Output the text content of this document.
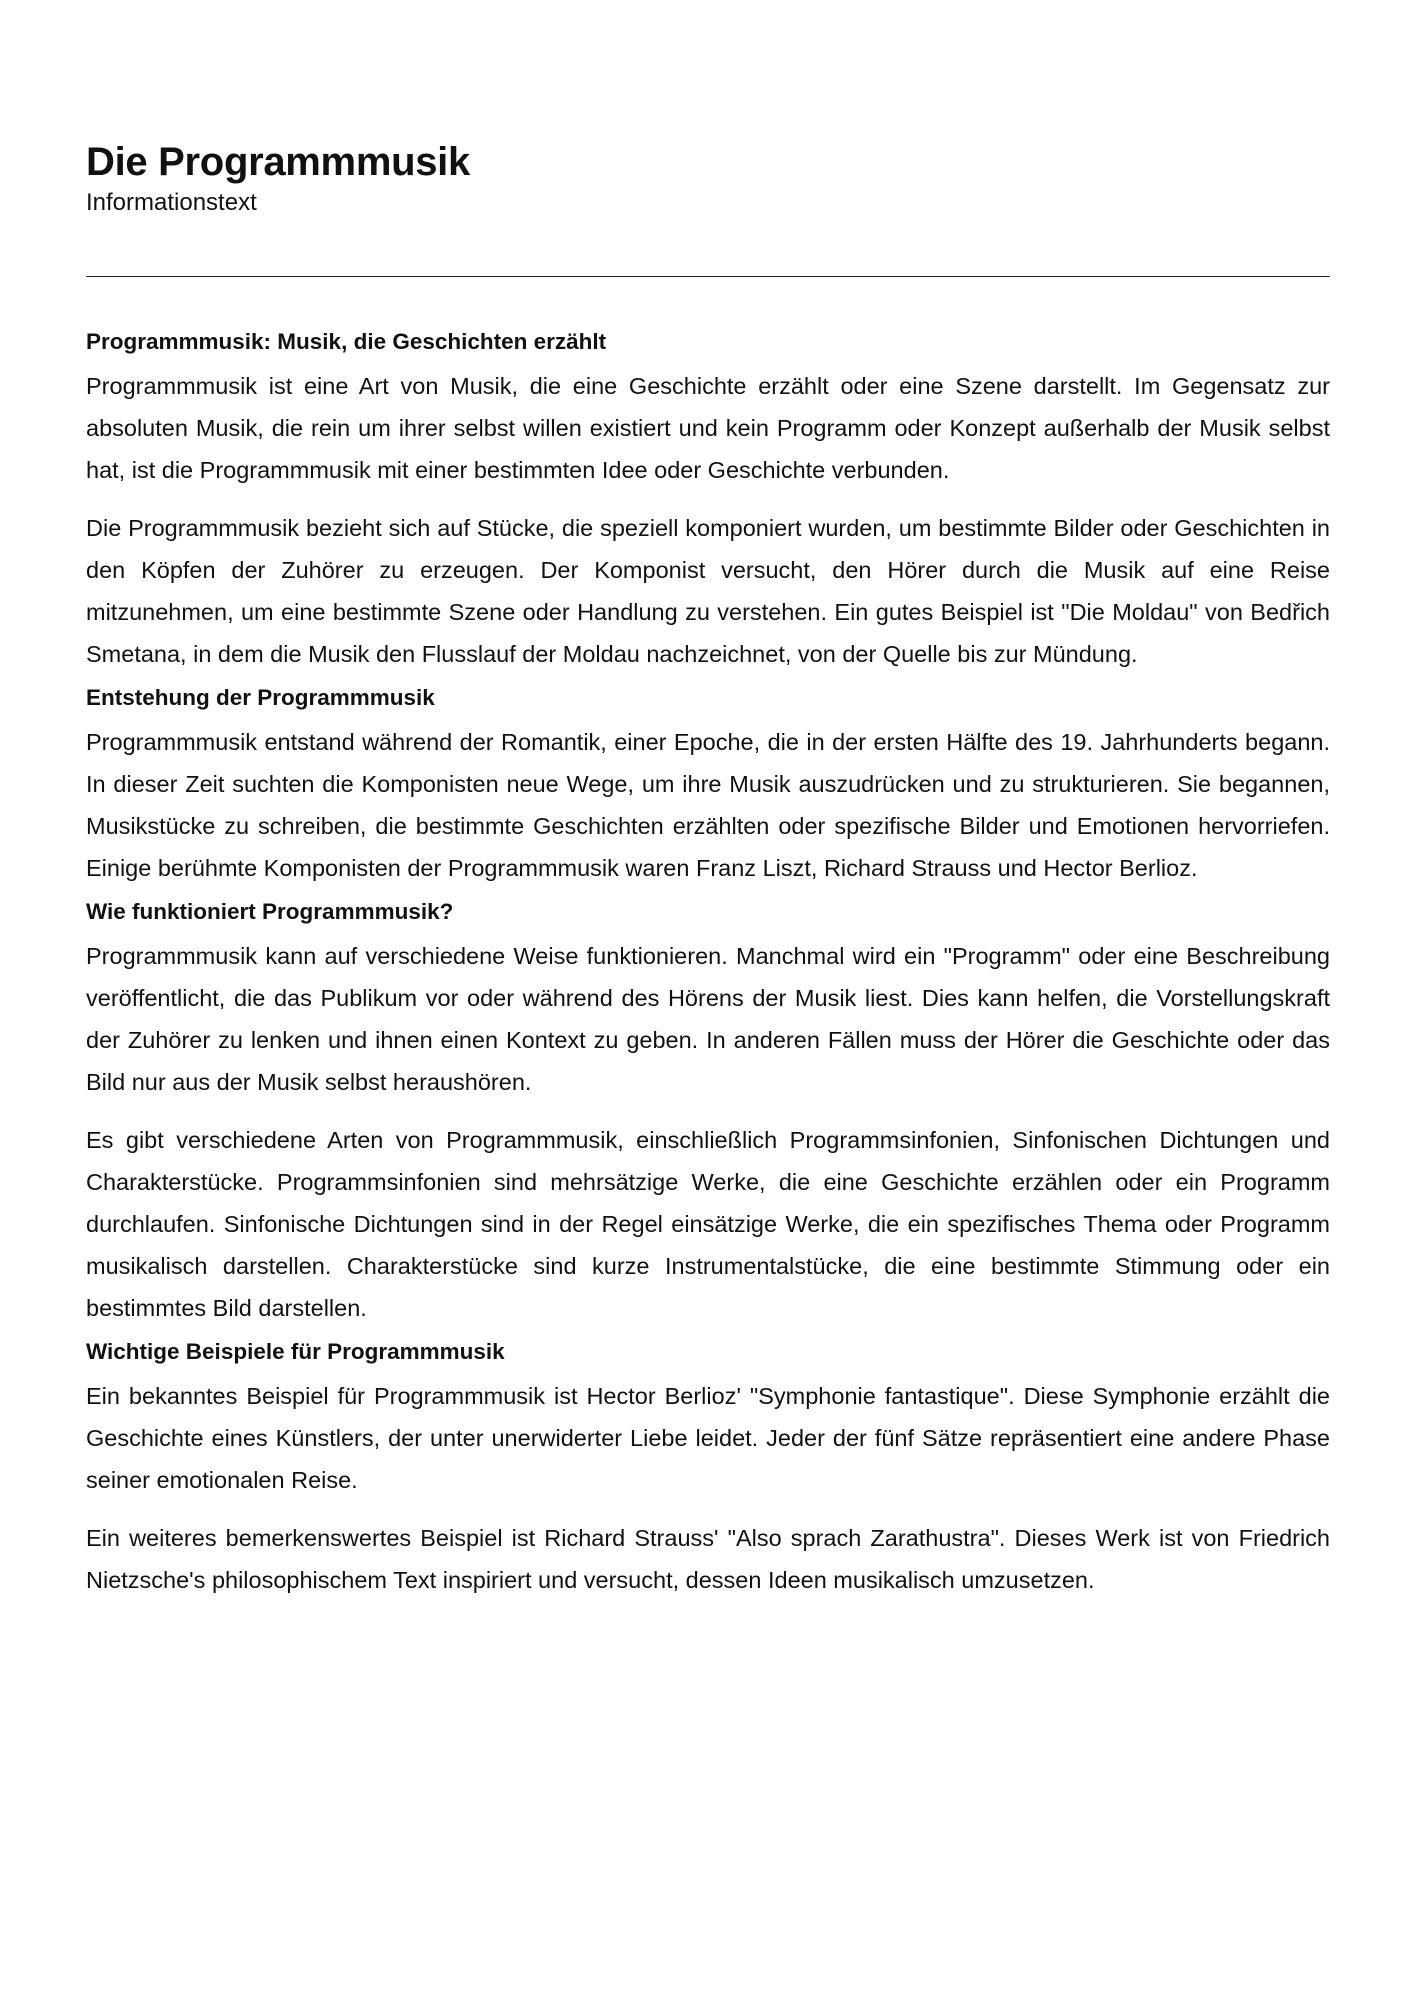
Die Programmmusik
Informationstext
Programmmusik: Musik, die Geschichten erzählt

Programmmusik ist eine Art von Musik, die eine Geschichte erzählt oder eine Szene darstellt. Im Gegensatz zur absoluten Musik, die rein um ihrer selbst willen existiert und kein Programm oder Konzept außerhalb der Musik selbst hat, ist die Programmmusik mit einer bestimmten Idee oder Geschichte verbunden.

Die Programmmusik bezieht sich auf Stücke, die speziell komponiert wurden, um bestimmte Bilder oder Geschichten in den Köpfen der Zuhörer zu erzeugen. Der Komponist versucht, den Hörer durch die Musik auf eine Reise mitzunehmen, um eine bestimmte Szene oder Handlung zu verstehen. Ein gutes Beispiel ist "Die Moldau" von Bedřich Smetana, in dem die Musik den Flusslauf der Moldau nachzeichnet, von der Quelle bis zur Mündung.

Entstehung der Programmmusik

Programmmusik entstand während der Romantik, einer Epoche, die in der ersten Hälfte des 19. Jahrhunderts begann. In dieser Zeit suchten die Komponisten neue Wege, um ihre Musik auszudrücken und zu strukturieren. Sie begannen, Musikstücke zu schreiben, die bestimmte Geschichten erzählten oder spezifische Bilder und Emotionen hervorriefen. Einige berühmte Komponisten der Programmmusik waren Franz Liszt, Richard Strauss und Hector Berlioz.

Wie funktioniert Programmmusik?

Programmmusik kann auf verschiedene Weise funktionieren. Manchmal wird ein "Programm" oder eine Beschreibung veröffentlicht, die das Publikum vor oder während des Hörens der Musik liest. Dies kann helfen, die Vorstellungskraft der Zuhörer zu lenken und ihnen einen Kontext zu geben. In anderen Fällen muss der Hörer die Geschichte oder das Bild nur aus der Musik selbst heraushören.

Es gibt verschiedene Arten von Programmmusik, einschließlich Programmsinfonien, Sinfonischen Dichtungen und Charakterstücke. Programmsinfonien sind mehrsätzige Werke, die eine Geschichte erzählen oder ein Programm durchlaufen. Sinfonische Dichtungen sind in der Regel einsätzige Werke, die ein spezifisches Thema oder Programm musikalisch darstellen. Charakterstücke sind kurze Instrumentalstücke, die eine bestimmte Stimmung oder ein bestimmtes Bild darstellen.

Wichtige Beispiele für Programmmusik

Ein bekanntes Beispiel für Programmmusik ist Hector Berlioz' "Symphonie fantastique". Diese Symphonie erzählt die Geschichte eines Künstlers, der unter unerwiderter Liebe leidet. Jeder der fünf Sätze repräsentiert eine andere Phase seiner emotionalen Reise.

Ein weiteres bemerkenswertes Beispiel ist Richard Strauss' "Also sprach Zarathustra". Dieses Werk ist von Friedrich Nietzsche's philosophischem Text inspiriert und versucht, dessen Ideen musikalisch umzusetzen.
